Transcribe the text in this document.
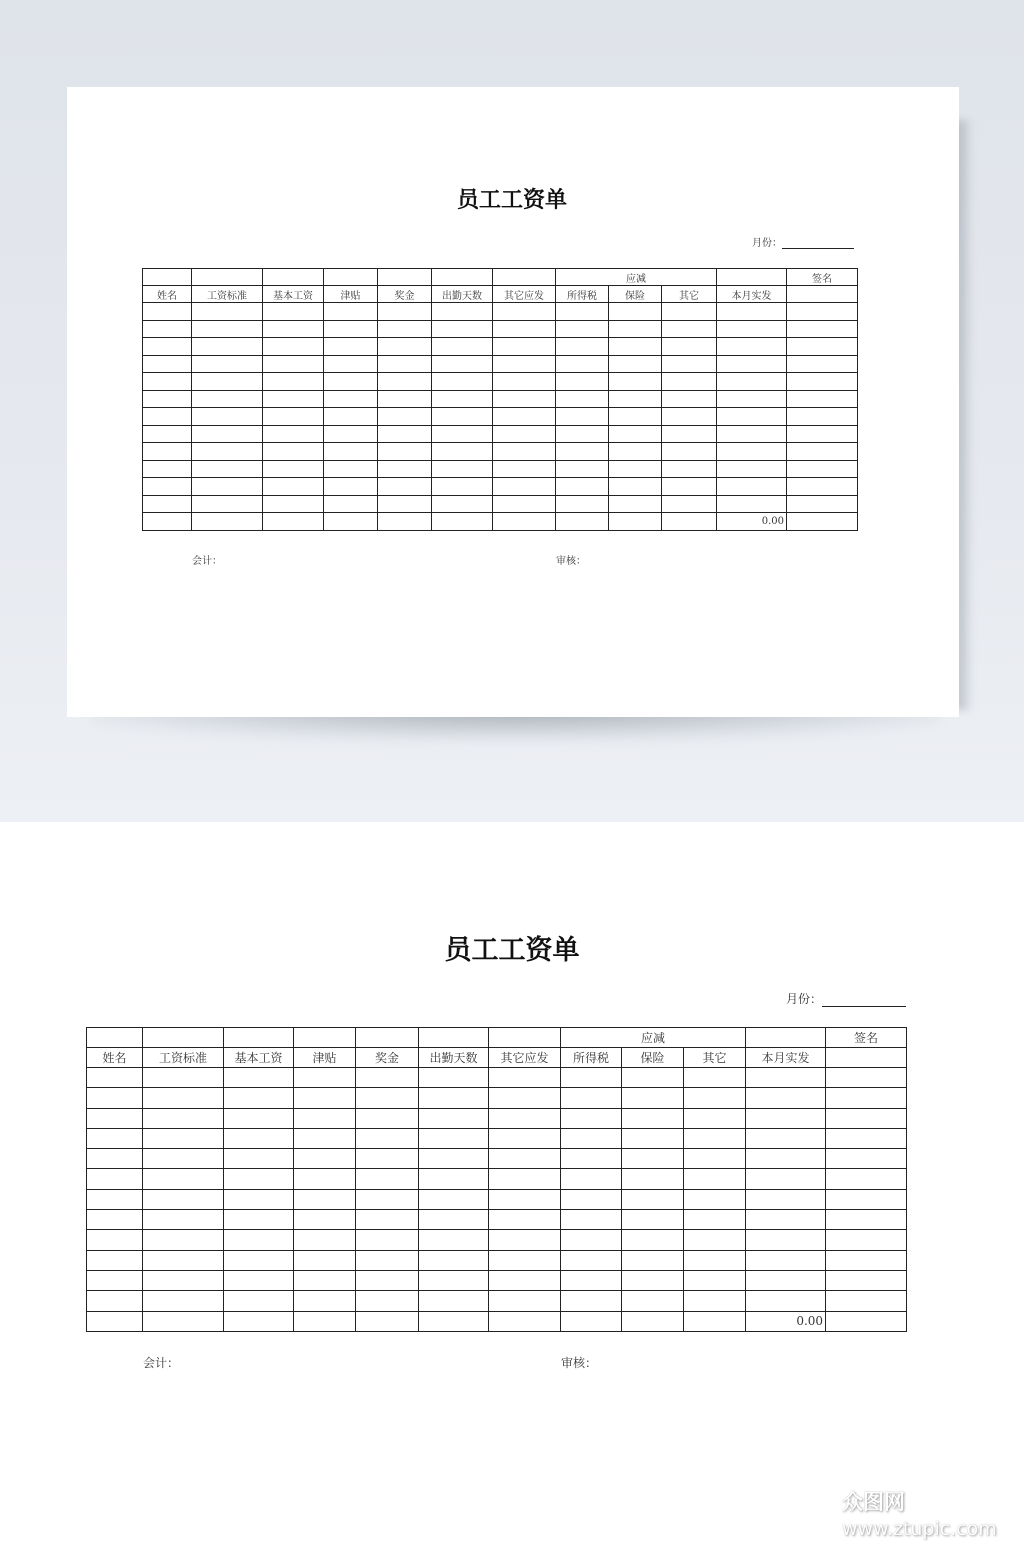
员工工资单
月份：
							应减				签名
姓名	工资标准	基本工资	津贴	奖金	出勤天数	其它应发	所得税	保险	其它	本月实发	

										0.00	
会计：	审核：
员工工资单
月份：
							应减				签名
姓名	工资标准	基本工资	津贴	奖金	出勤天数	其它应发	所得税	保险	其它	本月实发	

										0.00	
会计：	审核：
众图网www.ztupic.com
